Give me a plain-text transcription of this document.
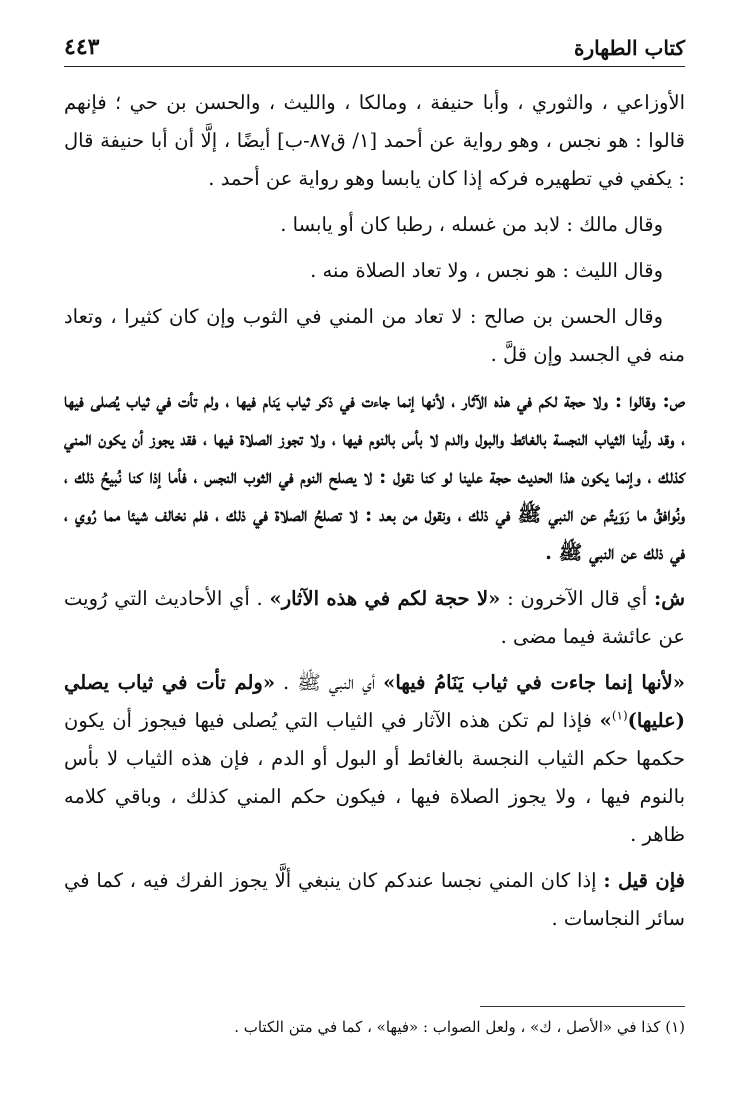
كتاب الطهارة
٤٤٣

الأوزاعي ، والثوري ، وأبا حنيفة ، ومالكا ، والليث ، والحسن بن حي ؛ فإنهم قالوا : هو نجس ، وهو رواية عن أحمد [١/ ق٨٧-ب] أيضًا ، إلَّا أن أبا حنيفة قال : يكفي في تطهيره فركه إذا كان يابسا وهو رواية عن أحمد .

وقال مالك : لابد من غسله ، رطبا كان أو يابسا .

وقال الليث : هو نجس ، ولا تعاد الصلاة منه .

وقال الحسن بن صالح : لا تعاد من المني في الثوب وإن كان كثيرا ، وتعاد منه في الجسد وإن قلَّ .

ص: وقالوا : ولا حجة لكم في هذه الآثار ، لأنها إنما جاءت في ذكر ثياب يَنام فيها ، ولم تأت في ثياب يُصلى فيها ، وقد رأينا الثياب النجسة بالغائط والبول والدم لا بأس بالنوم فيها ، ولا تجوز الصلاة فيها ، فقد يجوز أن يكون المني كذلك ، وإنما يكون هذا الحديث حجة علينا لو كنا نقول : لا يصلح النوم في الثوب النجس ، فأما إذا كنا نُبيحُ ذلك ، ونُوافقُ ما رَوَيتُم عن النبي ﷺ في ذلك ، ونقول من بعد : لا تصلحُ الصلاة في ذلك ، فلم نخالف شيئا مما رُوي ، في ذلك عن النبي ﷺ .

ش: أي قال الآخرون : «لا حجة لكم في هذه الآثار» . أي الأحاديث التي رُويت عن عائشة فيما مضى .

«لأنها إنما جاءت في ثياب يَنَامُ فيها» أي النبي ﷺ . «ولم تأت في ثياب يصلي (عليها)$^{(١)}$» فإذا لم تكن هذه الآثار في الثياب التي يُصلى فيها فيجوز أن يكون حكمها حكم الثياب النجسة بالغائط أو البول أو الدم ، فإن هذه الثياب لا بأس بالنوم فيها ، ولا يجوز الصلاة فيها ، فيكون حكم المني كذلك ، وباقي كلامه ظاهر .

فإن قيل : إذا كان المني نجسا عندكم كان ينبغي ألَّا يجوز الفرك فيه ، كما في سائر النجاسات .

(١) كذا في «الأصل ، ك» ، ولعل الصواب : «فيها» ، كما في متن الكتاب .
